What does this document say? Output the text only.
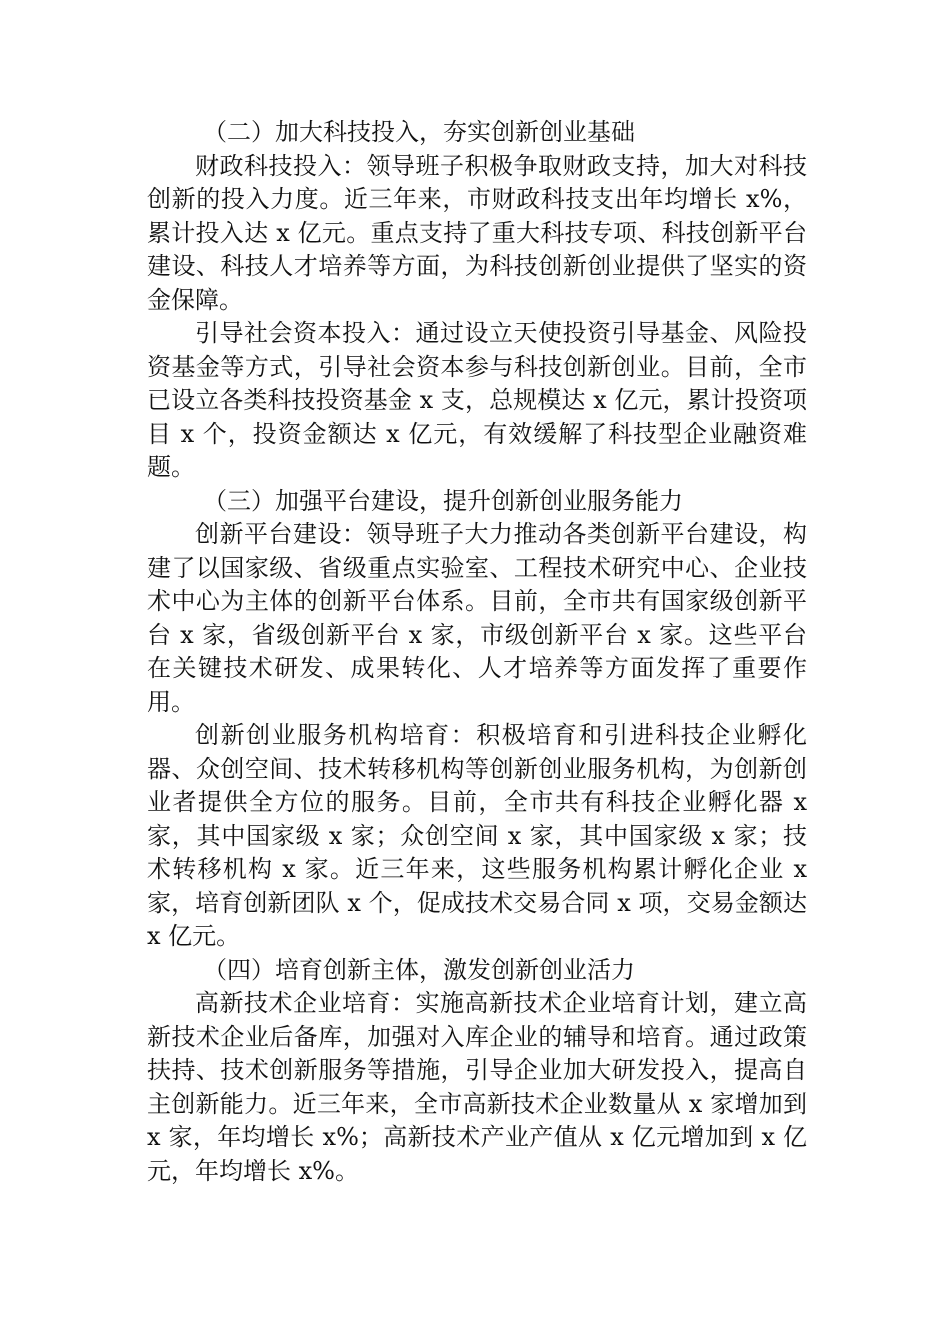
（二）加大科技投入，夯实创新创业基础

财政科技投入：领导班子积极争取财政支持，加大对科技创新的投入力度。近三年来，市财政科技支出年均增长 x%，累计投入达 x 亿元。重点支持了重大科技专项、科技创新平台建设、科技人才培养等方面，为科技创新创业提供了坚实的资金保障。

引导社会资本投入：通过设立天使投资引导基金、风险投资基金等方式，引导社会资本参与科技创新创业。目前，全市已设立各类科技投资基金 x 支，总规模达 x 亿元，累计投资项目 x 个，投资金额达 x 亿元，有效缓解了科技型企业融资难题。

（三）加强平台建设，提升创新创业服务能力

创新平台建设：领导班子大力推动各类创新平台建设，构建了以国家级、省级重点实验室、工程技术研究中心、企业技术中心为主体的创新平台体系。目前，全市共有国家级创新平台 x 家，省级创新平台 x 家，市级创新平台 x 家。这些平台在关键技术研发、成果转化、人才培养等方面发挥了重要作用。

创新创业服务机构培育：积极培育和引进科技企业孵化器、众创空间、技术转移机构等创新创业服务机构，为创新创业者提供全方位的服务。目前，全市共有科技企业孵化器 x 家，其中国家级 x 家；众创空间 x 家，其中国家级 x 家；技术转移机构 x 家。近三年来，这些服务机构累计孵化企业 x 家，培育创新团队 x 个，促成技术交易合同 x 项，交易金额达 x 亿元。

（四）培育创新主体，激发创新创业活力

高新技术企业培育：实施高新技术企业培育计划，建立高新技术企业后备库，加强对入库企业的辅导和培育。通过政策扶持、技术创新服务等措施，引导企业加大研发投入，提高自主创新能力。近三年来，全市高新技术企业数量从 x 家增加到 x 家，年均增长 x%；高新技术产业产值从 x 亿元增加到 x 亿元，年均增长 x%。
